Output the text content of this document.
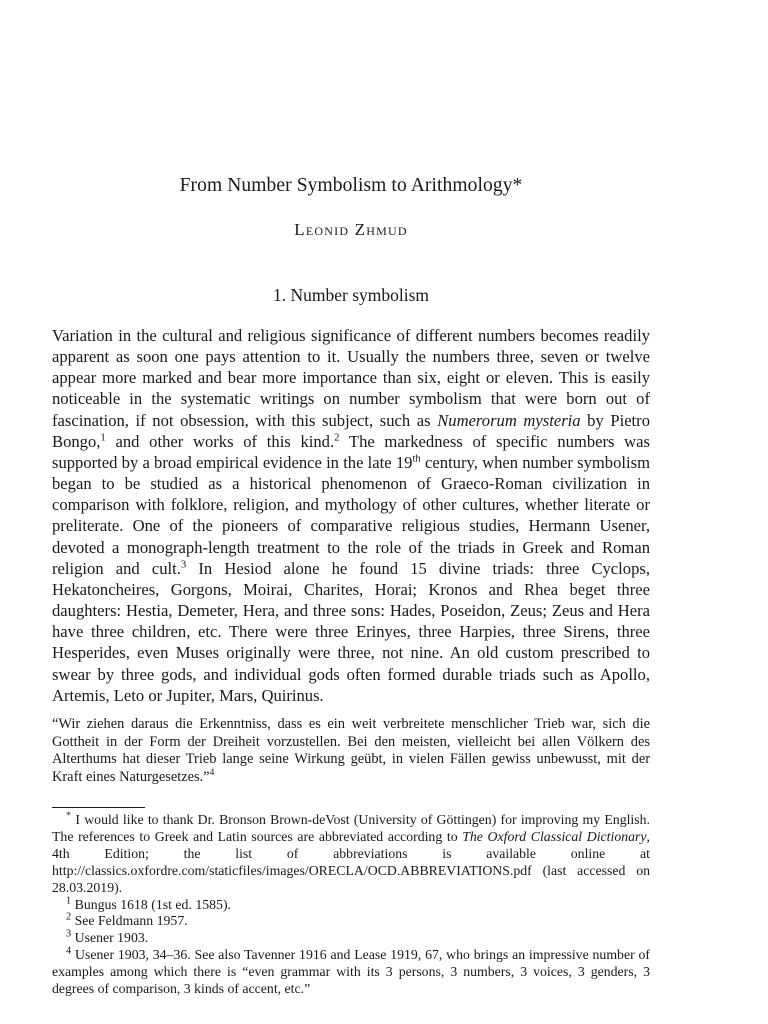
From Number Symbolism to Arithmology*
Leonid Zhmud
1. Number symbolism
Variation in the cultural and religious significance of different numbers becomes readily apparent as soon one pays attention to it. Usually the numbers three, seven or twelve appear more marked and bear more importance than six, eight or eleven. This is easily noticeable in the systematic writings on number symbolism that were born out of fascination, if not obsession, with this subject, such as Numerorum mysteria by Pietro Bongo,$^1$ and other works of this kind.$^2$ The markedness of specific numbers was supported by a broad empirical evidence in the late 19th century, when number symbolism began to be studied as a historical phenomenon of Graeco-Roman civilization in comparison with folklore, religion, and mythology of other cultures, whether literate or preliterate. One of the pioneers of comparative religious studies, Hermann Usener, devoted a monograph-length treatment to the role of the triads in Greek and Roman religion and cult.$^3$ In Hesiod alone he found 15 divine triads: three Cyclops, Hekatoncheires, Gorgons, Moirai, Charites, Horai; Kronos and Rhea beget three daughters: Hestia, Demeter, Hera, and three sons: Hades, Poseidon, Zeus; Zeus and Hera have three children, etc. There were three Erinyes, three Harpies, three Sirens, three Hesperides, even Muses originally were three, not nine. An old custom prescribed to swear by three gods, and individual gods often formed durable triads such as Apollo, Artemis, Leto or Jupiter, Mars, Quirinus.
“Wir ziehen daraus die Erkenntniss, dass es ein weit verbreitete menschlicher Trieb war, sich die Gottheit in der Form der Dreiheit vorzustellen. Bei den meisten, vielleicht bei allen Völkern des Alterthums hat dieser Trieb lange seine Wirkung geübt, in vielen Fällen gewiss unbewusst, mit der Kraft eines Naturgesetzes.”$^4$

* I would like to thank Dr. Bronson Brown-deVost (University of Göttingen) for improving my English. The references to Greek and Latin sources are abbreviated according to The Oxford Classical Dictionary, 4th Edition; the list of abbreviations is available online at http://classics.oxfordre.com/staticfiles/images/ORECLA/OCD.ABBREVIATIONS.pdf (last accessed on 28.03.2019).

$^1$ Bungus 1618 (1st ed. 1585).

$^2$ See Feldmann 1957.

$^3$ Usener 1903.

$^4$ Usener 1903, 34–36. See also Tavenner 1916 and Lease 1919, 67, who brings an impressive number of examples among which there is “even grammar with its 3 persons, 3 numbers, 3 voices, 3 genders, 3 degrees of comparison, 3 kinds of accent, etc.”
